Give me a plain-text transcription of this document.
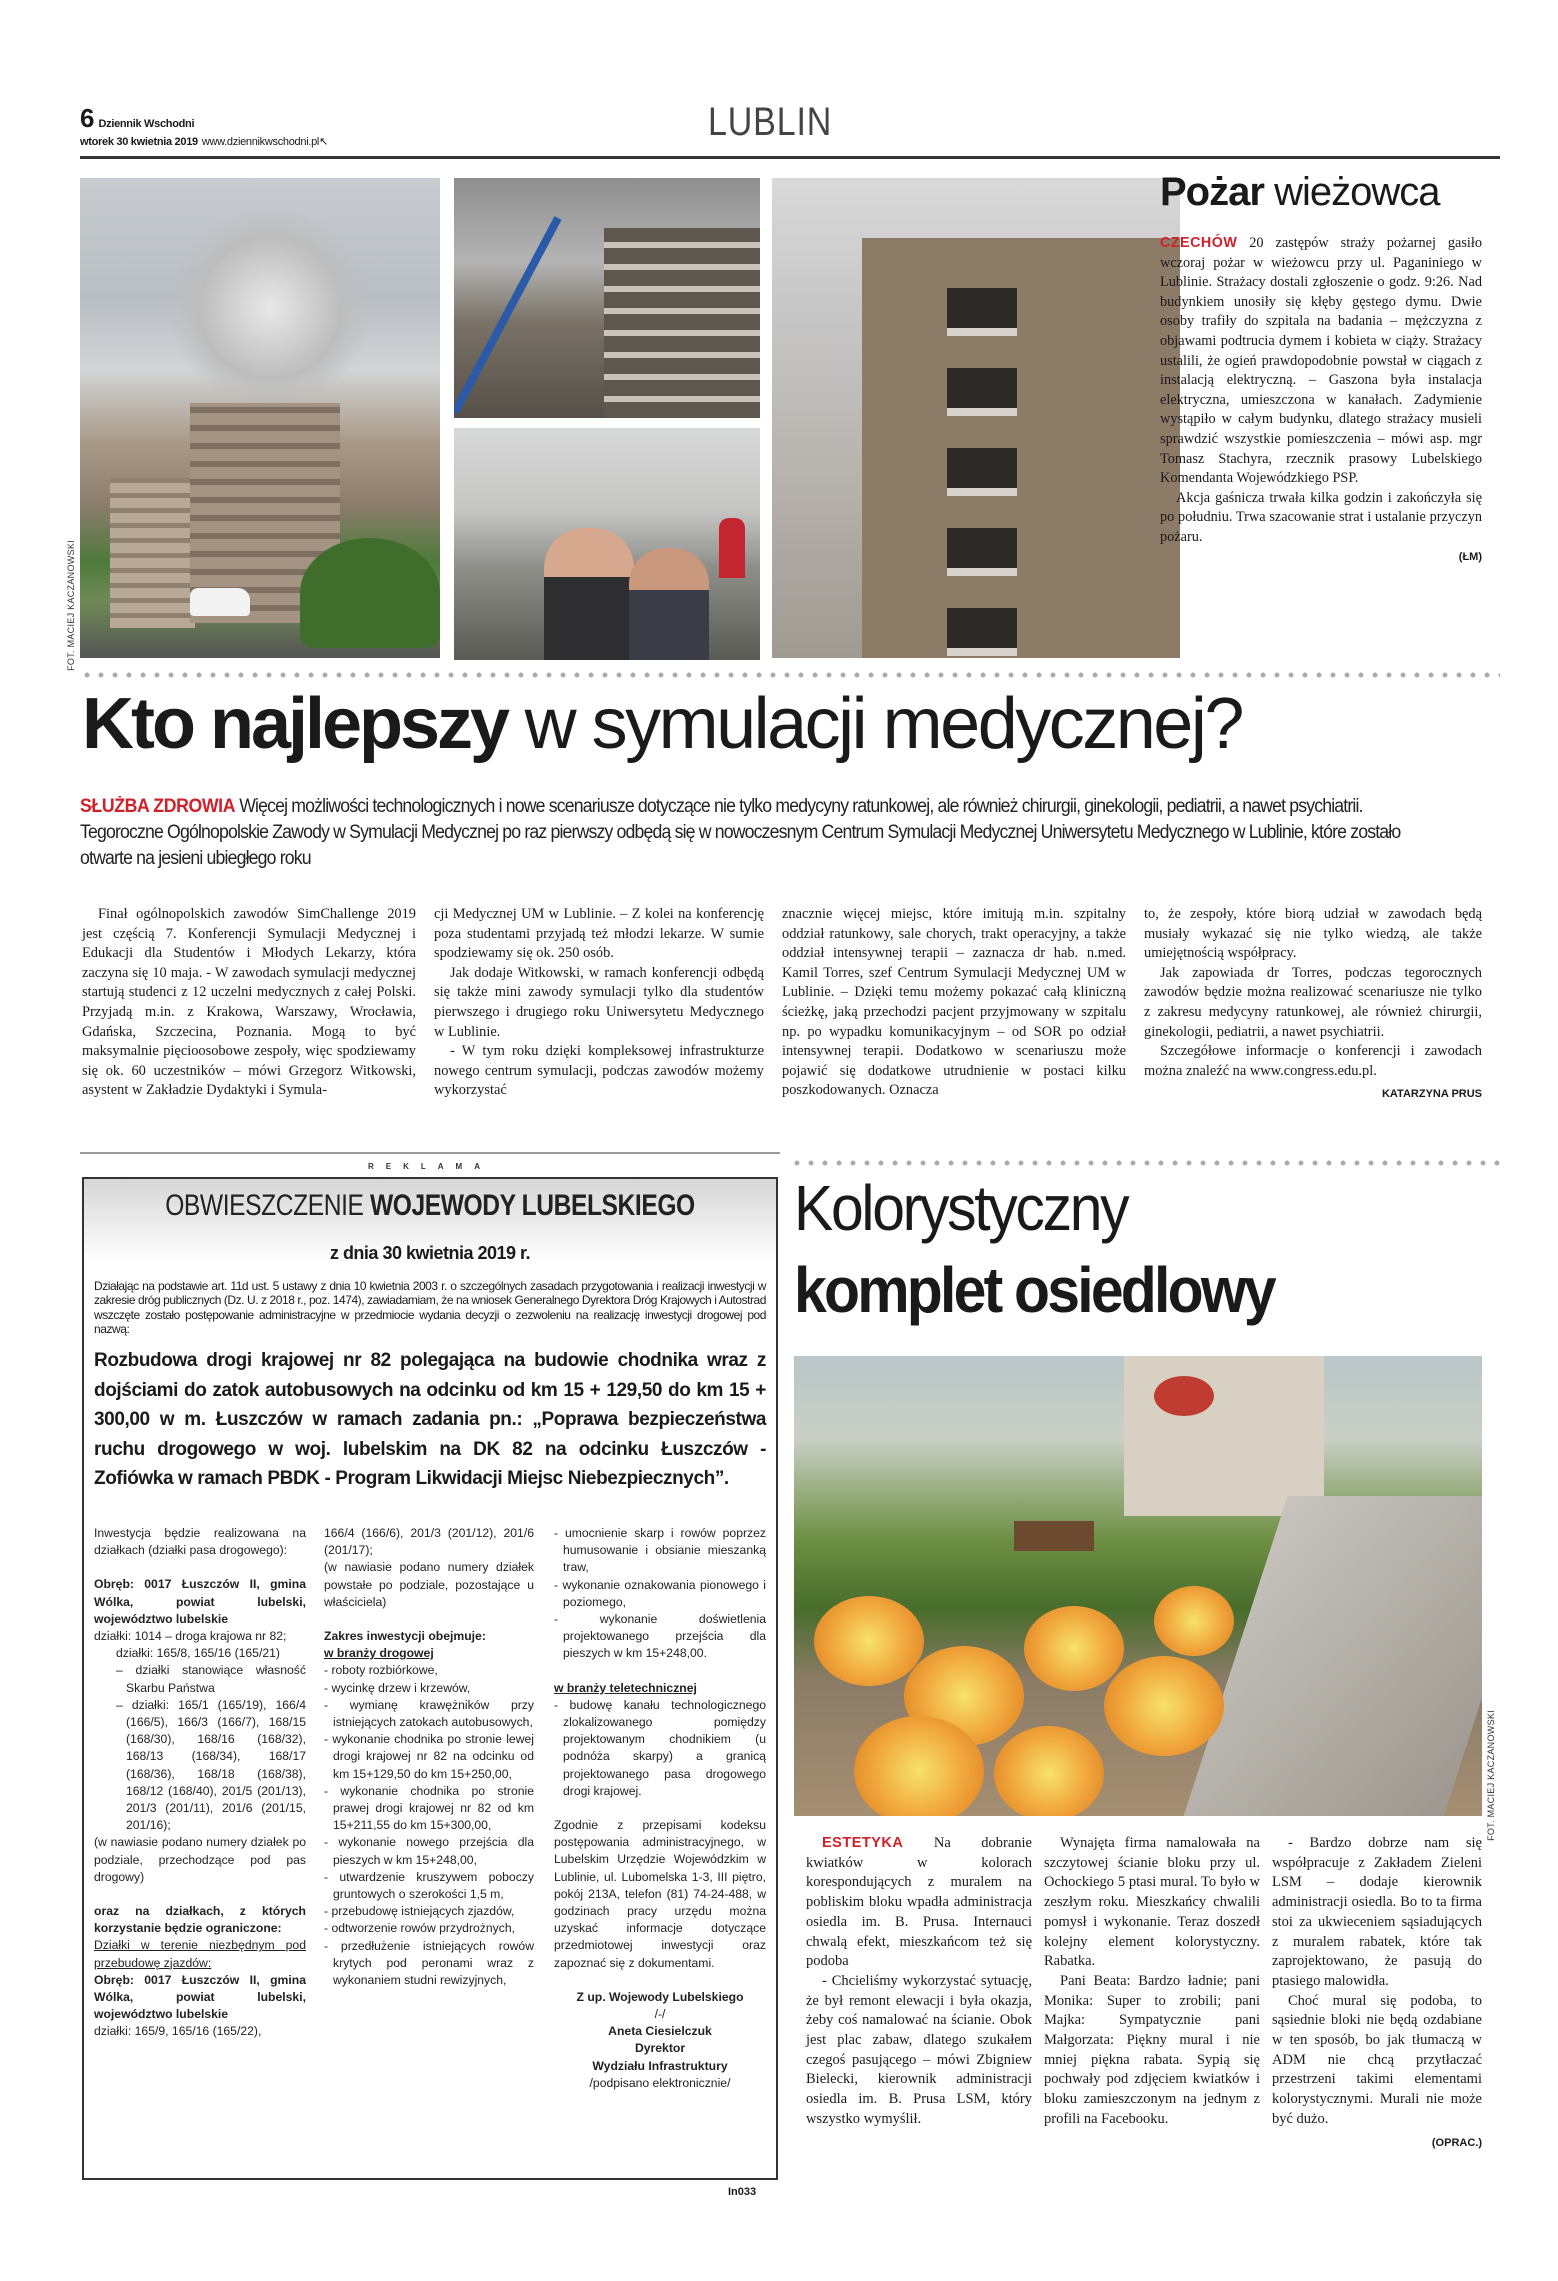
6 Dziennik Wschodni
wtorek 30 kwietnia 2019 www.dziennikwschodni.pl↖	LUBLIN
FOT. MACIEJ KACZANOWSKI
Pożar wieżowca

CZECHÓW 20 zastępów straży pożarnej gasiło wczoraj pożar w wieżowcu przy ul. Paganiniego w Lublinie. Strażacy dostali zgłoszenie o godz. 9:26. Nad budynkiem unosiły się kłęby gęstego dymu. Dwie osoby trafiły do szpitala na badania – mężczyzna z objawami podtrucia dymem i kobieta w ciąży. Strażacy ustalili, że ogień prawdopodobnie powstał w ciągach z instalacją elektryczną. – Gaszona była instalacja elektryczna, umieszczona w kanałach. Zadymienie wystąpiło w całym budynku, dlatego strażacy musieli sprawdzić wszystkie pomieszczenia – mówi asp. mgr Tomasz Stachyra, rzecznik prasowy Lubelskiego Komendanta Wojewódzkiego PSP.

Akcja gaśnicza trwała kilka godzin i zakończyła się po południu. Trwa szacowanie strat i ustalanie przyczyn pożaru.

(ŁM)
Kto najlepszy w symulacji medycznej?
SŁUŻBA ZDROWIA Więcej możliwości technologicznych i nowe scenariusze dotyczące nie tylko medycyny ratunkowej, ale również chirurgii, ginekologii, pediatrii, a nawet psychiatrii. Tegoroczne Ogólnopolskie Zawody w Symulacji Medycznej po raz pierwszy odbędą się w nowoczesnym Centrum Symulacji Medycznej Uniwersytetu Medycznego w Lublinie, które zostało otwarte na jesieni ubiegłego roku

Finał ogólnopolskich zawodów SimChallenge 2019 jest częścią 7. Konferencji Symulacji Medycznej i Edukacji dla Studentów i Młodych Lekarzy, która zaczyna się 10 maja. - W zawodach symulacji medycznej startują studenci z 12 uczelni medycznych z całej Polski. Przyjadą m.in. z Krakowa, Warszawy, Wrocławia, Gdańska, Szczecina, Poznania. Mogą to być maksymalnie pięcioosobowe zespoły, więc spodziewamy się ok. 60 uczestników – mówi Grzegorz Witkowski, asystent w Zakładzie Dydaktyki i Symula-

cji Medycznej UM w Lublinie. – Z kolei na konferencję poza studentami przyjadą też młodzi lekarze. W sumie spodziewamy się ok. 250 osób.

Jak dodaje Witkowski, w ramach konferencji odbędą się także mini zawody symulacji tylko dla studentów pierwszego i drugiego roku Uniwersytetu Medycznego w Lublinie.

- W tym roku dzięki kompleksowej infrastrukturze nowego centrum symulacji, podczas zawodów możemy wykorzystać

znacznie więcej miejsc, które imitują m.in. szpitalny oddział ratunkowy, sale chorych, trakt operacyjny, a także oddział intensywnej terapii – zaznacza dr hab. n.med. Kamil Torres, szef Centrum Symulacji Medycznej UM w Lublinie. – Dzięki temu możemy pokazać całą kliniczną ścieżkę, jaką przechodzi pacjent przyjmowany w szpitalu np. po wypadku komunikacyjnym – od SOR po odział intensywnej terapii. Dodatkowo w scenariuszu może pojawić się dodatkowe utrudnienie w postaci kilku poszkodowanych. Oznacza

to, że zespoły, które biorą udział w zawodach będą musiały wykazać się nie tylko wiedzą, ale także umiejętnością współpracy.

Jak zapowiada dr Torres, podczas tegorocznych zawodów będzie można realizować scenariusze nie tylko z zakresu medycyny ratunkowej, ale również chirurgii, ginekologii, pediatrii, a nawet psychiatrii.

Szczegółowe informacje o konferencji i zawodach można znaleźć na www.congress.edu.pl.

KATARZYNA PRUS
REKLAMA
OBWIESZCZENIE WOJEWODY LUBELSKIEGO
z dnia 30 kwietnia 2019 r.
Działając na podstawie art. 11d ust. 5 ustawy z dnia 10 kwietnia 2003 r. o szczególnych zasadach przygotowania i realizacji inwestycji w zakresie dróg publicznych (Dz. U. z 2018 r., poz. 1474), zawiadamiam, że na wniosek Generalnego Dyrektora Dróg Krajowych i Autostrad wszczęte zostało postępowanie administracyjne w przedmiocie wydania decyzji o zezwoleniu na realizację inwestycji drogowej pod nazwą:
Rozbudowa drogi krajowej nr 82 polegająca na budowie chodnika wraz z dojściami do zatok autobusowych na odcinku od km 15 + 129,50 do km 15 + 300,00 w m. Łuszczów w ramach zadania pn.: „Poprawa bezpieczeństwa ruchu drogowego w woj. lubelskim na DK 82 na odcinku Łuszczów - Zofiówka w ramach PBDK - Program Likwidacji Miejsc Niebezpiecznych”.

Inwestycja będzie realizowana na działkach (działki pasa drogowego):

Obręb: 0017 Łuszczów II, gmina Wólka, powiat lubelski, województwo lubelskie
działki: 1014 – droga krajowa nr 82;
działki: 165/8, 165/16 (165/21)
– działki stanowiące własność Skarbu Państwa
– działki: 165/1 (165/19), 166/4 (166/5), 166/3 (166/7), 168/15 (168/30), 168/16 (168/32), 168/13 (168/34), 168/17 (168/36), 168/18 (168/38), 168/12 (168/40), 201/5 (201/13), 201/3 (201/11), 201/6 (201/15, 201/16);

(w nawiasie podano numery działek po podziale, przechodzące pod pas drogowy)

oraz na działkach, z których korzystanie będzie ograniczone:
Działki w terenie niezbędnym pod przebudowę zjazdów:
Obręb: 0017 Łuszczów II, gmina Wólka, powiat lubelski, województwo lubelskie
działki: 165/9, 165/16 (165/22),
166/4 (166/6), 201/3 (201/12), 201/6 (201/17);

(w nawiasie podano numery działek powstałe po podziale, pozostające u właściciela)

Zakres inwestycji obejmuje:
w branży drogowej
- roboty rozbiórkowe,
- wycinkę drzew i krzewów,
- wymianę krawężników przy istniejących zatokach autobusowych,
- wykonanie chodnika po stronie lewej drogi krajowej nr 82 na odcinku od km 15+129,50 do km 15+250,00,
- wykonanie chodnika po stronie prawej drogi krajowej nr 82 od km 15+211,55 do km 15+300,00,
- wykonanie nowego przejścia dla pieszych w km 15+248,00,
- utwardzenie kruszywem poboczy gruntowych o szerokości 1,5 m,
- przebudowę istniejących zjazdów,
- odtworzenie rowów przydrożnych,
- przedłużenie istniejących rowów krytych pod peronami wraz z wykonaniem studni rewizyjnych,
- umocnienie skarp i rowów poprzez humusowanie i obsianie mieszanką traw,
- wykonanie oznakowania pionowego i poziomego,
- wykonanie doświetlenia projektowanego przejścia dla pieszych w km 15+248,00.
w branży teletechnicznej
- budowę kanału technologicznego zlokalizowanego pomiędzy projektowanym chodnikiem (u podnóża skarpy) a granicą projektowanego pasa drogowego drogi krajowej.

Zgodnie z przepisami kodeksu postępowania administracyjnego, w Lubelskim Urzędzie Wojewódzkim w Lublinie, ul. Lubomelska 1-3, III piętro, pokój 213A, telefon (81) 74-24-488, w godzinach pracy urzędu można uzyskać informacje dotyczące przedmiotowej inwestycji oraz zapoznać się z dokumentami.

Z up. Wojewody Lubelskiego
/-/
Aneta Ciesielczuk
Dyrektor
Wydziału Infrastruktury
/podpisano elektronicznie/
In033
Kolorystyczny
komplet osiedlowy
FOT. MACIEJ KACZANOWSKI

ESTETYKA Na dobranie kwiatków w kolorach korespondujących z muralem na pobliskim bloku wpadła administracja osiedla im. B. Prusa. Internauci chwalą efekt, mieszkańcom też się podoba

- Chcieliśmy wykorzystać sytuację, że był remont elewacji i była okazja, żeby coś namalować na ścianie. Obok jest plac zabaw, dlatego szukałem czegoś pasującego – mówi Zbigniew Bielecki, kierownik administracji osiedla im. B. Prusa LSM, który wszystko wymyślił.

Wynajęta firma namalowała na szczytowej ścianie bloku przy ul. Ochockiego 5 ptasi mural. To było w zeszłym roku. Mieszkańcy chwalili pomysł i wykonanie. Teraz doszedł kolejny element kolorystyczny. Rabatka.

Pani Beata: Bardzo ładnie; pani Monika: Super to zrobili; pani Majka: Sympatycznie pani Małgorzata: Piękny mural i nie mniej piękna rabata. Sypią się pochwały pod zdjęciem kwiatków i bloku zamieszczonym na jednym z profili na Facebooku.

- Bardzo dobrze nam się współpracuje z Zakładem Zieleni LSM – dodaje kierownik administracji osiedla. Bo to ta firma stoi za ukwieceniem sąsiadujących z muralem rabatek, które tak zaprojektowano, że pasują do ptasiego malowidła.

Choć mural się podoba, to sąsiednie bloki nie będą ozdabiane w ten sposób, bo jak tłumaczą w ADM nie chcą przytłaczać przestrzeni takimi elementami kolorystycznymi. Murali nie może być dużo.

(OPRAC.)
